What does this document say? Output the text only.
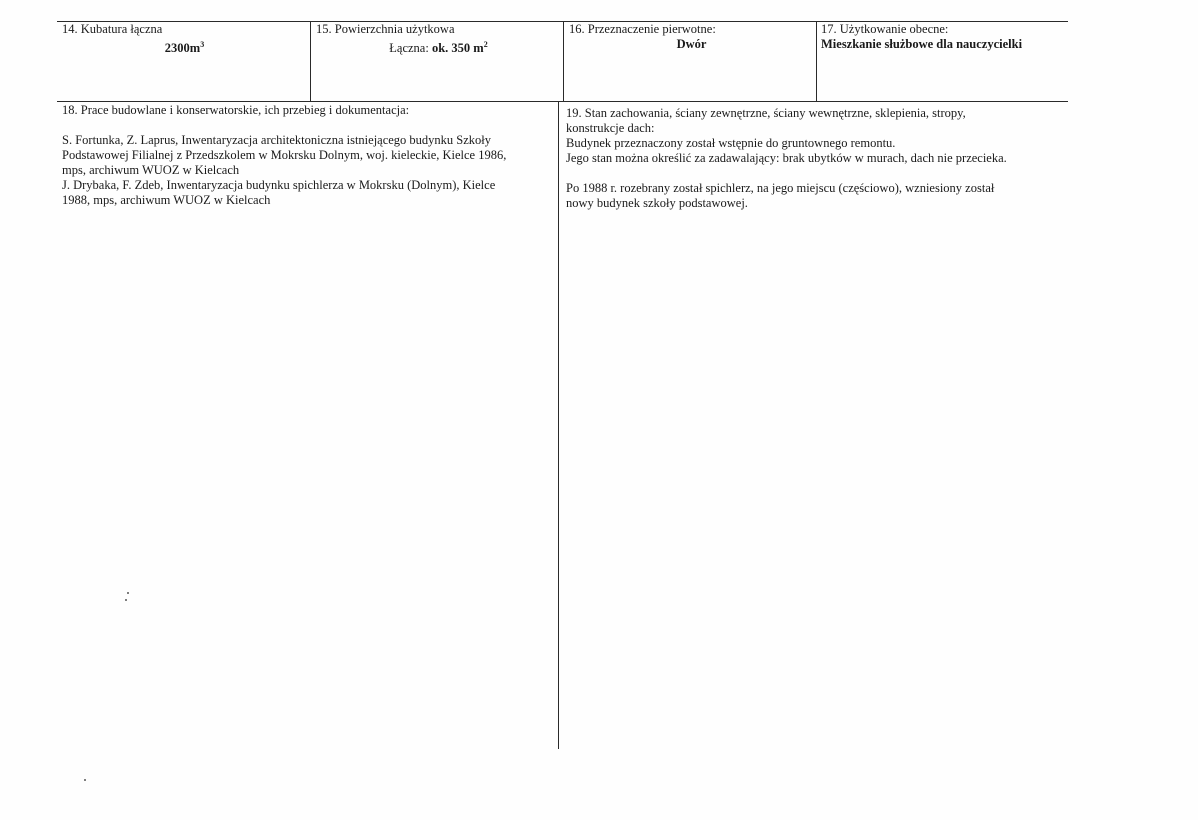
14. Kubatura łączna
$2300m^3$
15. Powierzchnia użytkowa
Łączna: ok. 350 $m^2$
16. Przeznaczenie pierwotne:
Dwór
17. Użytkowanie obecne:
Mieszkanie służbowe dla nauczycielki

18. Prace budowlane i konserwatorskie, ich przebieg i dokumentacja:

S. Fortunka, Z. Laprus, Inwentaryzacja architektoniczna istniejącego budynku Szkoły

Podstawowej Filialnej z Przedszkolem w Mokrsku Dolnym, woj. kieleckie, Kielce 1986,

mps, archiwum WUOZ w Kielcach

J. Drybaka, F. Zdeb, Inwentaryzacja budynku spichlerza w Mokrsku (Dolnym), Kielce

1988, mps, archiwum WUOZ w Kielcach

19. Stan zachowania, ściany zewnętrzne, ściany wewnętrzne, sklepienia, stropy,

konstrukcje dach:

Budynek przeznaczony został wstępnie do gruntownego remontu.

Jego stan można określić za zadawalający: brak ubytków w murach, dach nie przecieka.

Po 1988 r. rozebrany został spichlerz, na jego miejscu (częściowo), wzniesiony został

nowy budynek szkoły podstawowej.
